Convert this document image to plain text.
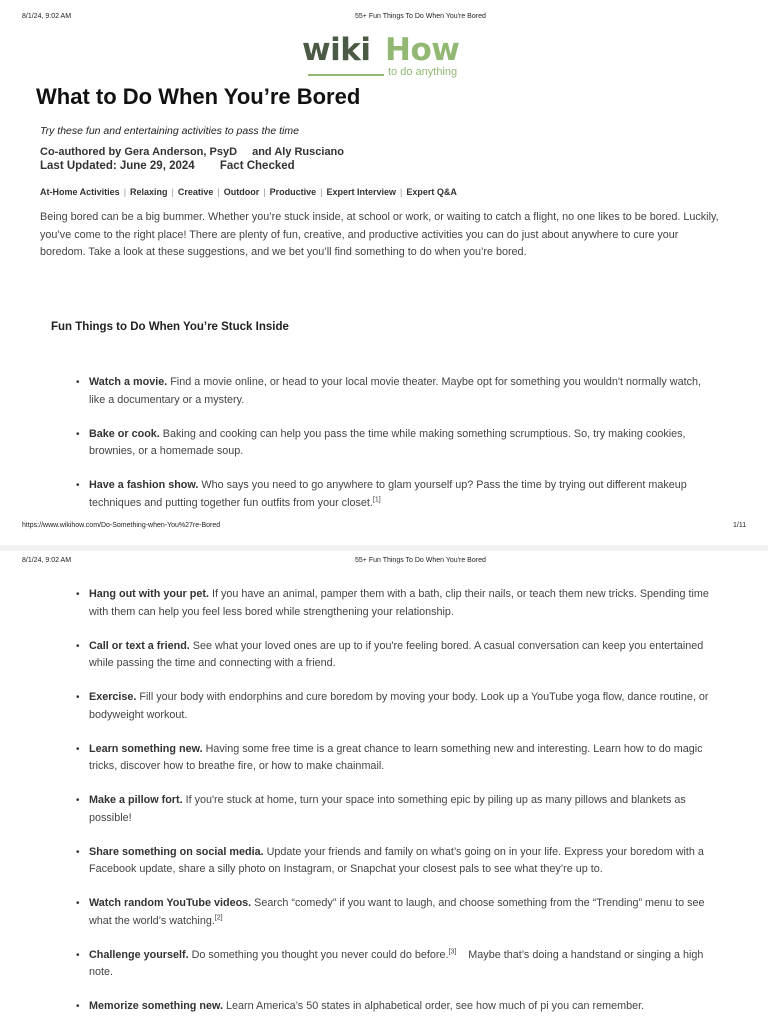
8/1/24, 9:02 AM	55+ Fun Things To Do When You're Bored
wiki How
to do anything
What to Do When You’re Bored
Try these fun and entertaining activities to pass the time
Co-authored by Gera Anderson, PsyD and Aly Rusciano
Last Updated: June 29, 2024 Fact Checked
At-Home Activities | Relaxing | Creative | Outdoor | Productive | Expert Interview | Expert Q&A

Being bored can be a big bummer. Whether you’re stuck inside, at school or work, or waiting to catch a flight, no one likes to be bored. Luckily, you’ve come to the right place! There are plenty of fun, creative, and productive activities you can do just about anywhere to cure your boredom. Take a look at these suggestions, and we bet you’ll find something to do when you’re bored.

Fun Things to Do When You’re Stuck Inside
• Watch a movie. Find a movie online, or head to your local movie theater. Maybe opt for something you wouldn't normally watch, like a documentary or a mystery.
• Bake or cook. Baking and cooking can help you pass the time while making something scrumptious. So, try making cookies, brownies, or a homemade soup.
• Have a fashion show. Who says you need to go anywhere to glam yourself up? Pass the time by trying out different makeup techniques and putting together fun outfits from your closet.[1]
https://www.wikihow.com/Do-Something-when-You%27re-Bored	1/11
8/1/24, 9:02 AM	55+ Fun Things To Do When You're Bored
• Hang out with your pet. If you have an animal, pamper them with a bath, clip their nails, or teach them new tricks. Spending time with them can help you feel less bored while strengthening your relationship.
• Call or text a friend. See what your loved ones are up to if you're feeling bored. A casual conversation can keep you entertained while passing the time and connecting with a friend.
• Exercise. Fill your body with endorphins and cure boredom by moving your body. Look up a YouTube yoga flow, dance routine, or bodyweight workout.
• Learn something new. Having some free time is a great chance to learn something new and interesting. Learn how to do magic tricks, discover how to breathe fire, or how to make chainmail.
• Make a pillow fort. If you're stuck at home, turn your space into something epic by piling up as many pillows and blankets as possible!
• Share something on social media. Update your friends and family on what’s going on in your life. Express your boredom with a Facebook update, share a silly photo on Instagram, or Snapchat your closest pals to see what they’re up to.
• Watch random YouTube videos. Search “comedy” if you want to laugh, and choose something from the “Trending” menu to see what the world’s watching.[2]
• Challenge yourself. Do something you thought you never could do before.[3]    Maybe that’s doing a handstand or singing a high note.
• Memorize something new. Learn America’s 50 states in alphabetical order, see how much of pi you can remember.
